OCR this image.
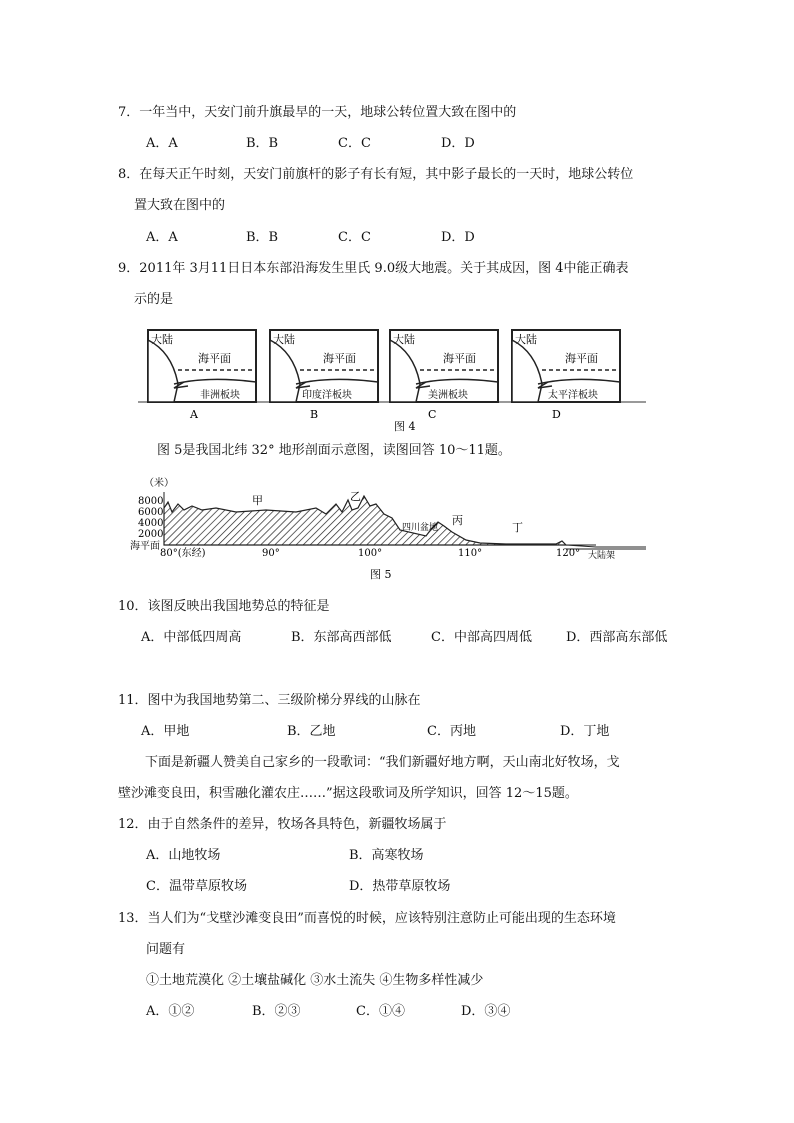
7．一年当中，天安门前升旗最早的一天，地球公转位置大致在图中的
A．A	B．B	C．C	D．D
8．在每天正午时刻，天安门前旗杆的影子有长有短，其中影子最长的一天时，地球公转位
置大致在图中的
A．A	B．B	C．C	D．D
9．2011年 3月11日日本东部沿海发生里氏 9.0级大地震。关于其成因，图 4中能正确表
示的是
大陆
海平面
非洲板块
A
大陆
海平面
印度洋板块
B
大陆
海平面
美洲板块
C
大陆
海平面
太平洋板块
D
图 4
图 5是我国北纬 32° 地形剖面示意图，读图回答 10～11题。
（米）
8000
6000
4000
2000
海平面
甲	乙
丙
丁
四川盆地
大陆架
80°(东经)	90°	100°	110°	120°
图 5
10．该图反映出我国地势总的特征是
A．中部低四周高	B．东部高西部低	C．中部高四周低	D．西部高东部低
11．图中为我国地势第二、三级阶梯分界线的山脉在
A．甲地	B．乙地	C．丙地	D．丁地
下面是新疆人赞美自己家乡的一段歌词：“我们新疆好地方啊，天山南北好牧场，戈
壁沙滩变良田，积雪融化灌农庄……”据这段歌词及所学知识，回答 12～15题。
12．由于自然条件的差异，牧场各具特色，新疆牧场属于
A．山地牧场	B．高寒牧场
C．温带草原牧场	D．热带草原牧场
13．当人们为“戈壁沙滩变良田”而喜悦的时候，应该特别注意防止可能出现的生态环境
问题有
①土地荒漠化 ②土壤盐碱化 ③水土流失 ④生物多样性减少
A．①②	B．②③	C．①④	D．③④
